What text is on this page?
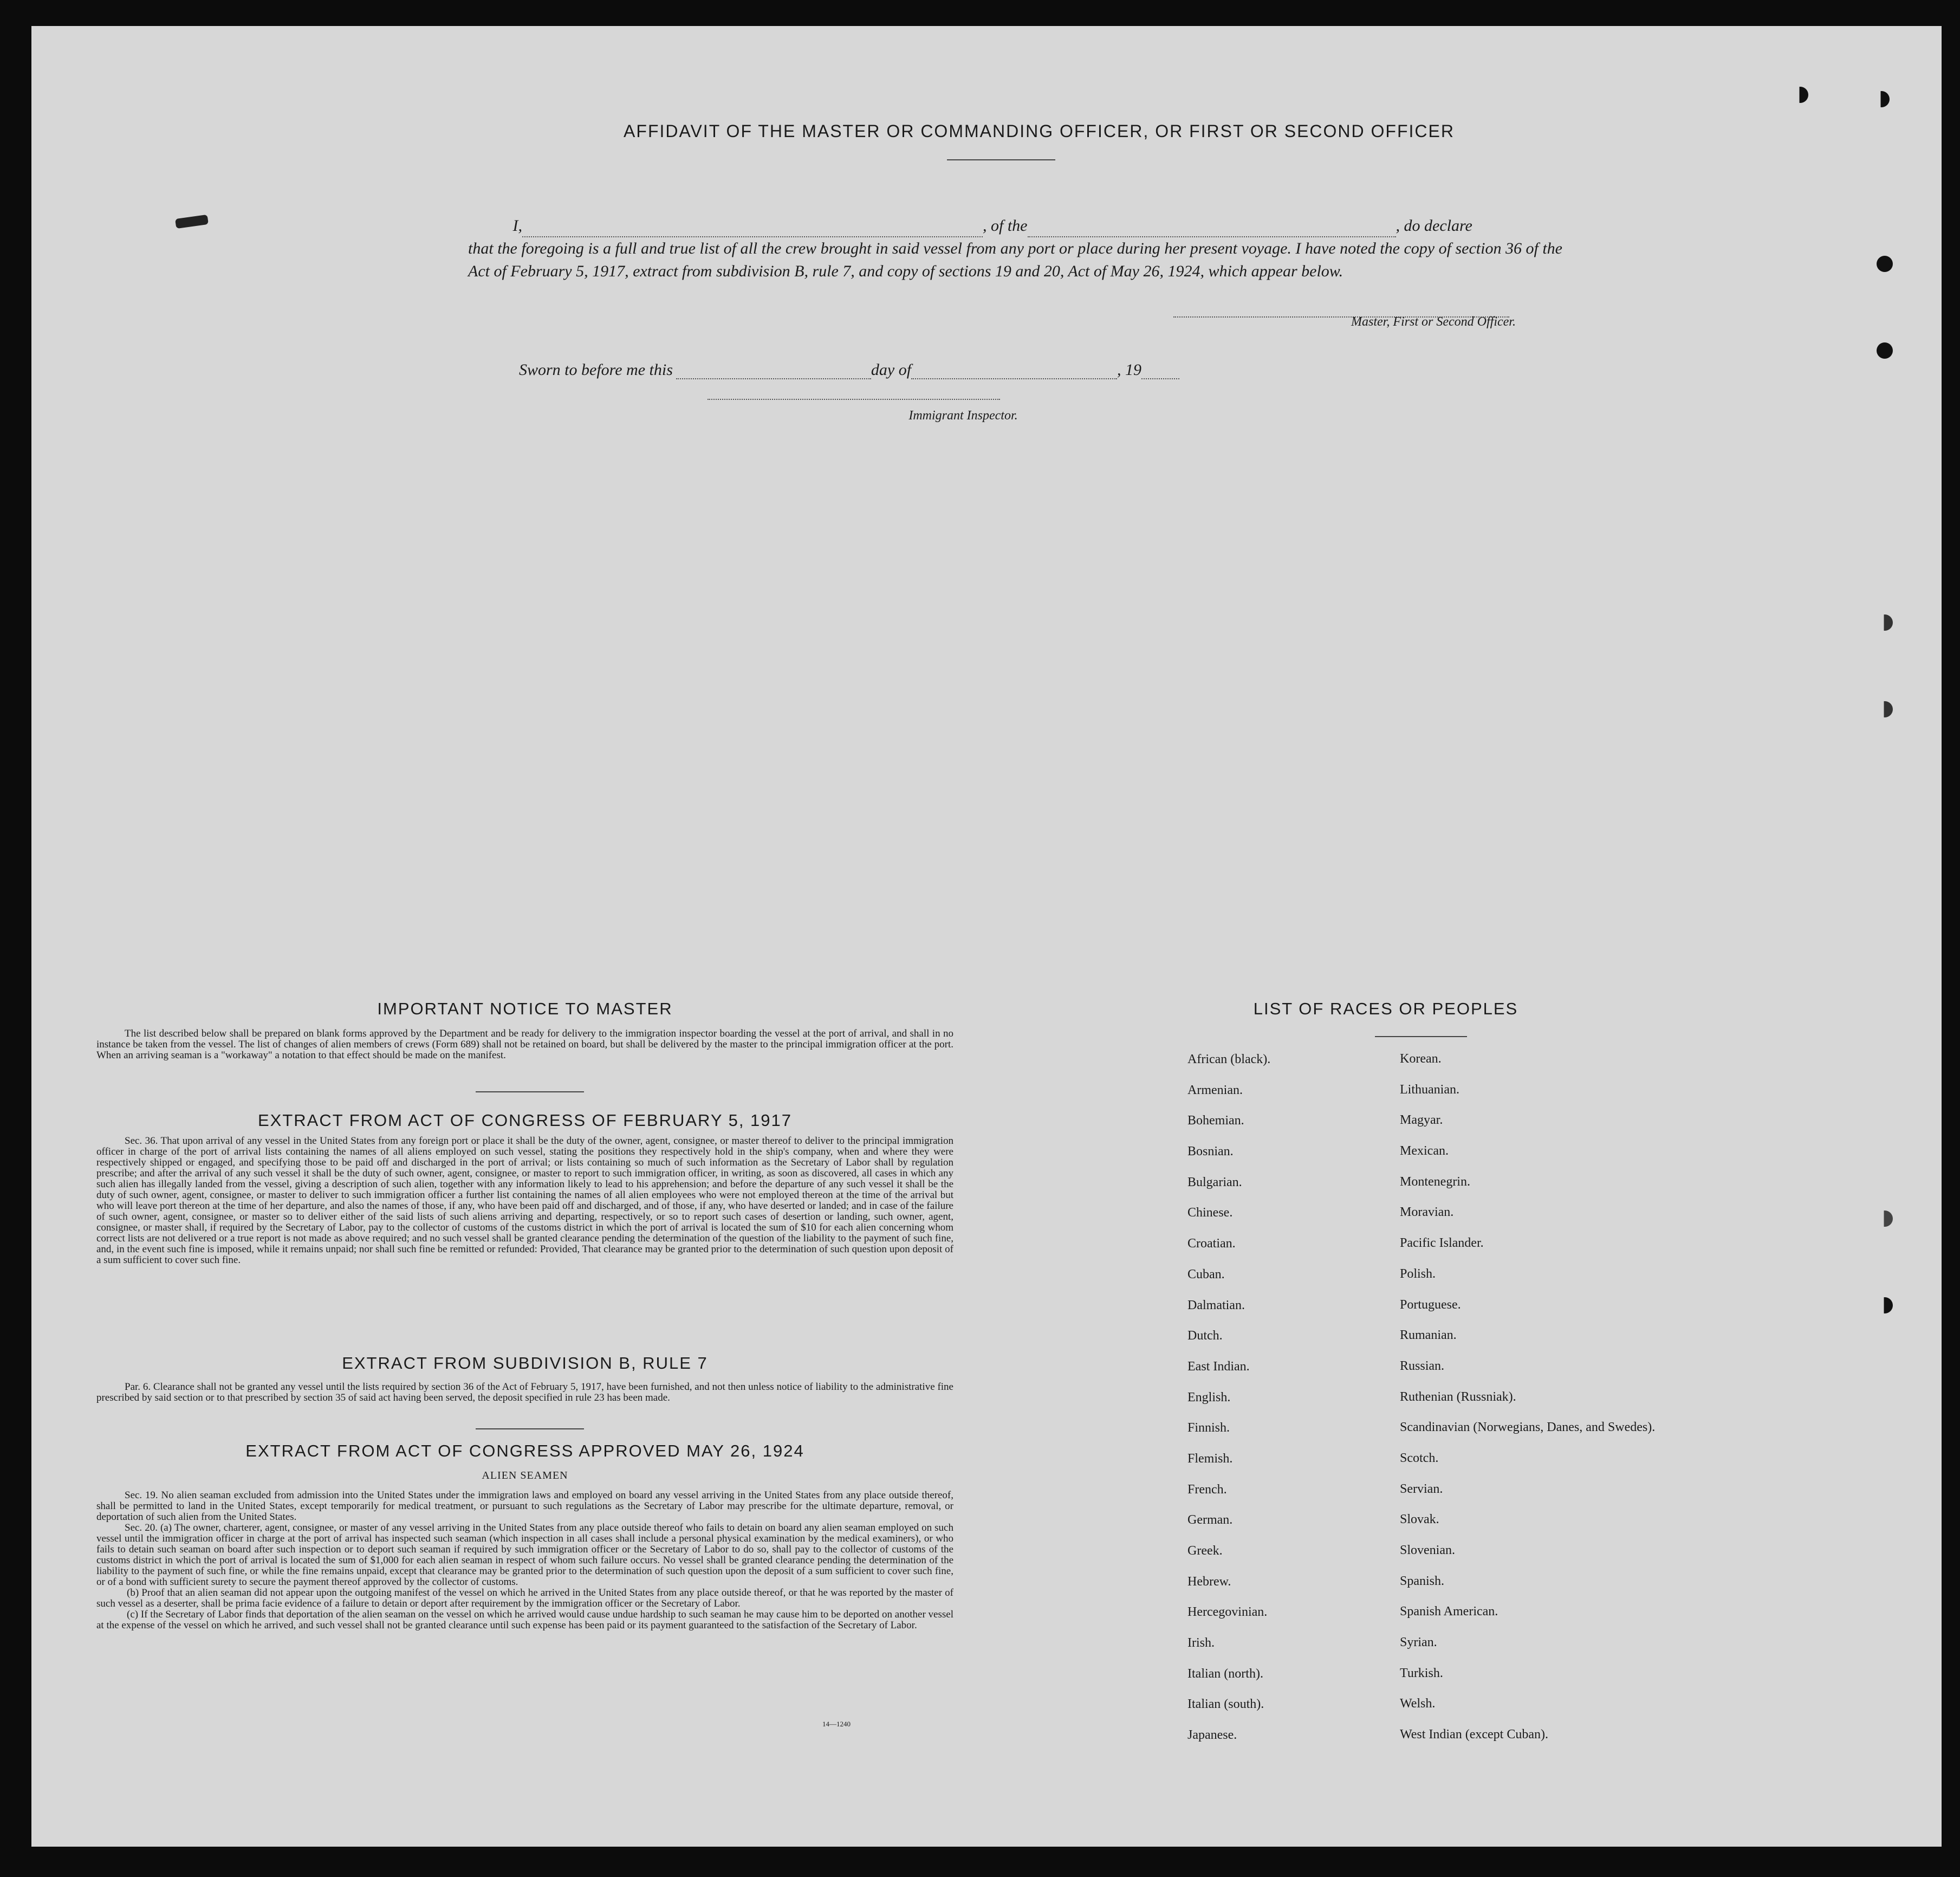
AFFIDAVIT OF THE MASTER OR COMMANDING OFFICER, OR FIRST OR SECOND OFFICER
I,	, of the	, do declare
that the foregoing is a full and true list of all the crew brought in said vessel from any port or place during her present voyage. I have noted the copy of section 36 of the Act of February 5, 1917, extract from subdivision B, rule 7, and copy of sections 19 and 20, Act of May 26, 1924, which appear below.
Master, First or Second Officer.
Sworn to before me this	day of	, 19
Immigrant Inspector.
IMPORTANT NOTICE TO MASTER

The list described below shall be prepared on blank forms approved by the Department and be ready for delivery to the immigration inspector boarding the vessel at the port of arrival, and shall in no instance be taken from the vessel. The list of changes of alien members of crews (Form 689) shall not be retained on board, but shall be delivered by the master to the principal immigration officer at the port. When an arriving seaman is a "workaway" a notation to that effect should be made on the manifest.

EXTRACT FROM ACT OF CONGRESS OF FEBRUARY 5, 1917

Sec. 36. That upon arrival of any vessel in the United States from any foreign port or place it shall be the duty of the owner, agent, consignee, or master thereof to deliver to the principal immigration officer in charge of the port of arrival lists containing the names of all aliens employed on such vessel, stating the positions they respectively hold in the ship's company, when and where they were respectively shipped or engaged, and specifying those to be paid off and discharged in the port of arrival; or lists containing so much of such information as the Secretary of Labor shall by regulation prescribe; and after the arrival of any such vessel it shall be the duty of such owner, agent, consignee, or master to report to such immigration officer, in writing, as soon as discovered, all cases in which any such alien has illegally landed from the vessel, giving a description of such alien, together with any information likely to lead to his apprehension; and before the departure of any such vessel it shall be the duty of such owner, agent, consignee, or master to deliver to such immigration officer a further list containing the names of all alien employees who were not employed thereon at the time of the arrival but who will leave port thereon at the time of her departure, and also the names of those, if any, who have been paid off and discharged, and of those, if any, who have deserted or landed; and in case of the failure of such owner, agent, consignee, or master so to deliver either of the said lists of such aliens arriving and departing, respectively, or so to report such cases of desertion or landing, such owner, agent, consignee, or master shall, if required by the Secretary of Labor, pay to the collector of customs of the customs district in which the port of arrival is located the sum of $10 for each alien concerning whom correct lists are not delivered or a true report is not made as above required; and no such vessel shall be granted clearance pending the determination of the question of the liability to the payment of such fine, and, in the event such fine is imposed, while it remains unpaid; nor shall such fine be remitted or refunded: Provided, That clearance may be granted prior to the determination of such question upon deposit of a sum sufficient to cover such fine.

EXTRACT FROM SUBDIVISION B, RULE 7

Par. 6. Clearance shall not be granted any vessel until the lists required by section 36 of the Act of February 5, 1917, have been furnished, and not then unless notice of liability to the administrative fine prescribed by said section or to that prescribed by section 35 of said act having been served, the deposit specified in rule 23 has been made.

EXTRACT FROM ACT OF CONGRESS APPROVED MAY 26, 1924
ALIEN SEAMEN

Sec. 19. No alien seaman excluded from admission into the United States under the immigration laws and employed on board any vessel arriving in the United States from any place outside thereof, shall be permitted to land in the United States, except temporarily for medical treatment, or pursuant to such regulations as the Secretary of Labor may prescribe for the ultimate departure, removal, or deportation of such alien from the United States.

Sec. 20. (a) The owner, charterer, agent, consignee, or master of any vessel arriving in the United States from any place outside thereof who fails to detain on board any alien seaman employed on such vessel until the immigration officer in charge at the port of arrival has inspected such seaman (which inspection in all cases shall include a personal physical examination by the medical examiners), or who fails to detain such seaman on board after such inspection or to deport such seaman if required by such immigration officer or the Secretary of Labor to do so, shall pay to the collector of customs of the customs district in which the port of arrival is located the sum of $1,000 for each alien seaman in respect of whom such failure occurs. No vessel shall be granted clearance pending the determination of the liability to the payment of such fine, or while the fine remains unpaid, except that clearance may be granted prior to the determination of such question upon the deposit of a sum sufficient to cover such fine, or of a bond with sufficient surety to secure the payment thereof approved by the collector of customs.

(b) Proof that an alien seaman did not appear upon the outgoing manifest of the vessel on which he arrived in the United States from any place outside thereof, or that he was reported by the master of such vessel as a deserter, shall be prima facie evidence of a failure to detain or deport after requirement by the immigration officer or the Secretary of Labor.

(c) If the Secretary of Labor finds that deportation of the alien seaman on the vessel on which he arrived would cause undue hardship to such seaman he may cause him to be deported on another vessel at the expense of the vessel on which he arrived, and such vessel shall not be granted clearance until such expense has been paid or its payment guaranteed to the satisfaction of the Secretary of Labor.

14—1240
LIST OF RACES OR PEOPLES
African (black).	Korean.
Armenian.	Lithuanian.
Bohemian.	Magyar.
Bosnian.	Mexican.
Bulgarian.	Montenegrin.
Chinese.	Moravian.
Croatian.	Pacific Islander.
Cuban.	Polish.
Dalmatian.	Portuguese.
Dutch.	Rumanian.
East Indian.	Russian.
English.	Ruthenian (Russniak).
Finnish.	Scandinavian (Norwegians, Danes, and Swedes).
Flemish.	Scotch.
French.	Servian.
German.	Slovak.
Greek.	Slovenian.
Hebrew.	Spanish.
Hercegovinian.	Spanish American.
Irish.	Syrian.
Italian (north).	Turkish.
Italian (south).	Welsh.
Japanese.	West Indian (except Cuban).
